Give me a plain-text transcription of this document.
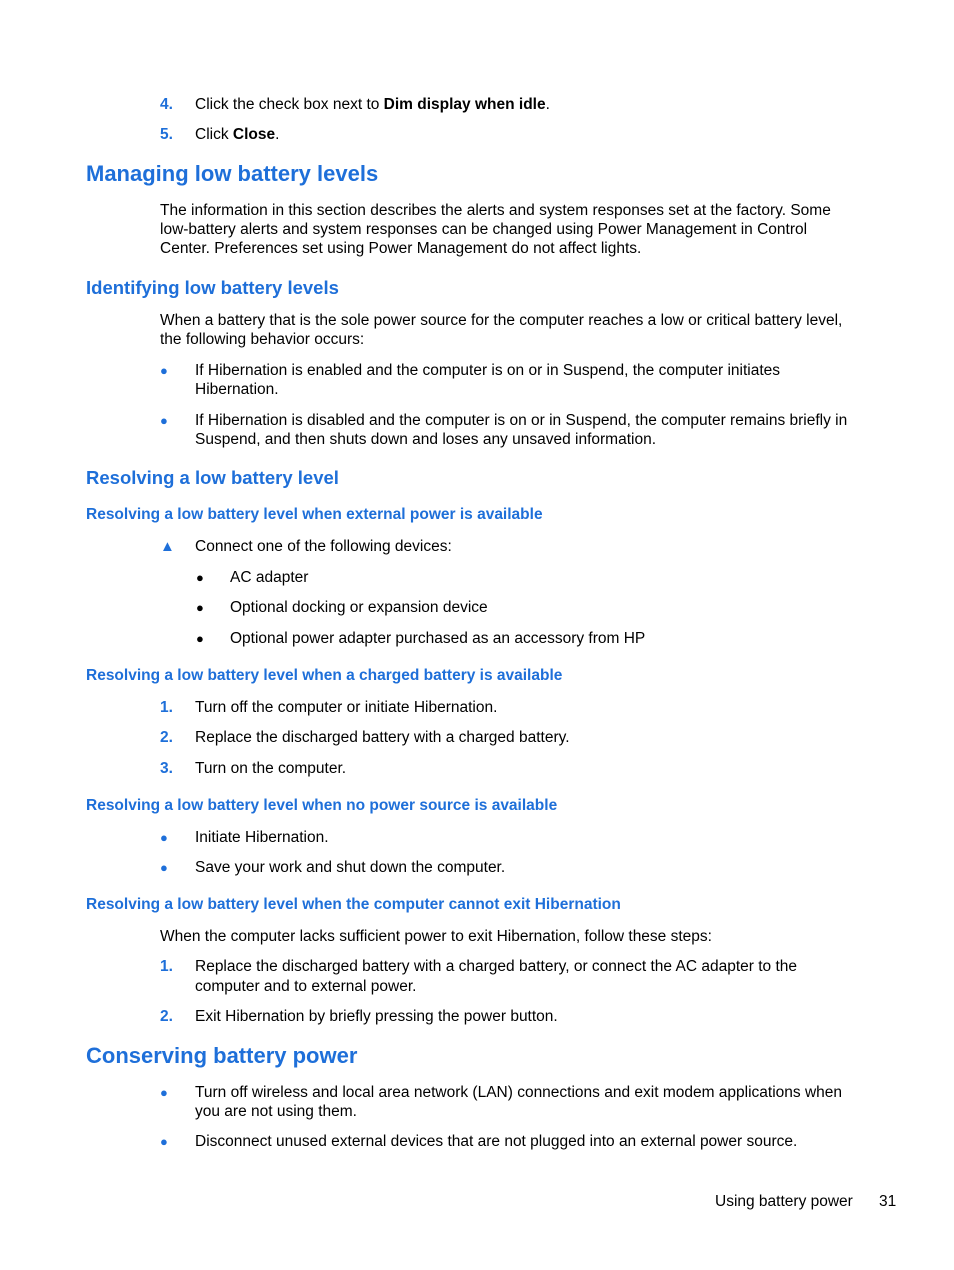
4. Click the check box next to Dim display when idle.
5. Click Close.
Managing low battery levels
The information in this section describes the alerts and system responses set at the factory. Some
low-battery alerts and system responses can be changed using Power Management in Control
Center. Preferences set using Power Management do not affect lights.
Identifying low battery levels
When a battery that is the sole power source for the computer reaches a low or critical battery level,
the following behavior occurs:
● If Hibernation is enabled and the computer is on or in Suspend, the computer initiates
Hibernation.
● If Hibernation is disabled and the computer is on or in Suspend, the computer remains briefly in
Suspend, and then shuts down and loses any unsaved information.
Resolving a low battery level
Resolving a low battery level when external power is available
▲ Connect one of the following devices:
● AC adapter
● Optional docking or expansion device
● Optional power adapter purchased as an accessory from HP
Resolving a low battery level when a charged battery is available
1. Turn off the computer or initiate Hibernation.
2. Replace the discharged battery with a charged battery.
3. Turn on the computer.
Resolving a low battery level when no power source is available
● Initiate Hibernation.
● Save your work and shut down the computer.
Resolving a low battery level when the computer cannot exit Hibernation
When the computer lacks sufficient power to exit Hibernation, follow these steps:
1. Replace the discharged battery with a charged battery, or connect the AC adapter to the
computer and to external power.
2. Exit Hibernation by briefly pressing the power button.
Conserving battery power
● Turn off wireless and local area network (LAN) connections and exit modem applications when
you are not using them.
● Disconnect unused external devices that are not plugged into an external power source.
Using battery power 31
